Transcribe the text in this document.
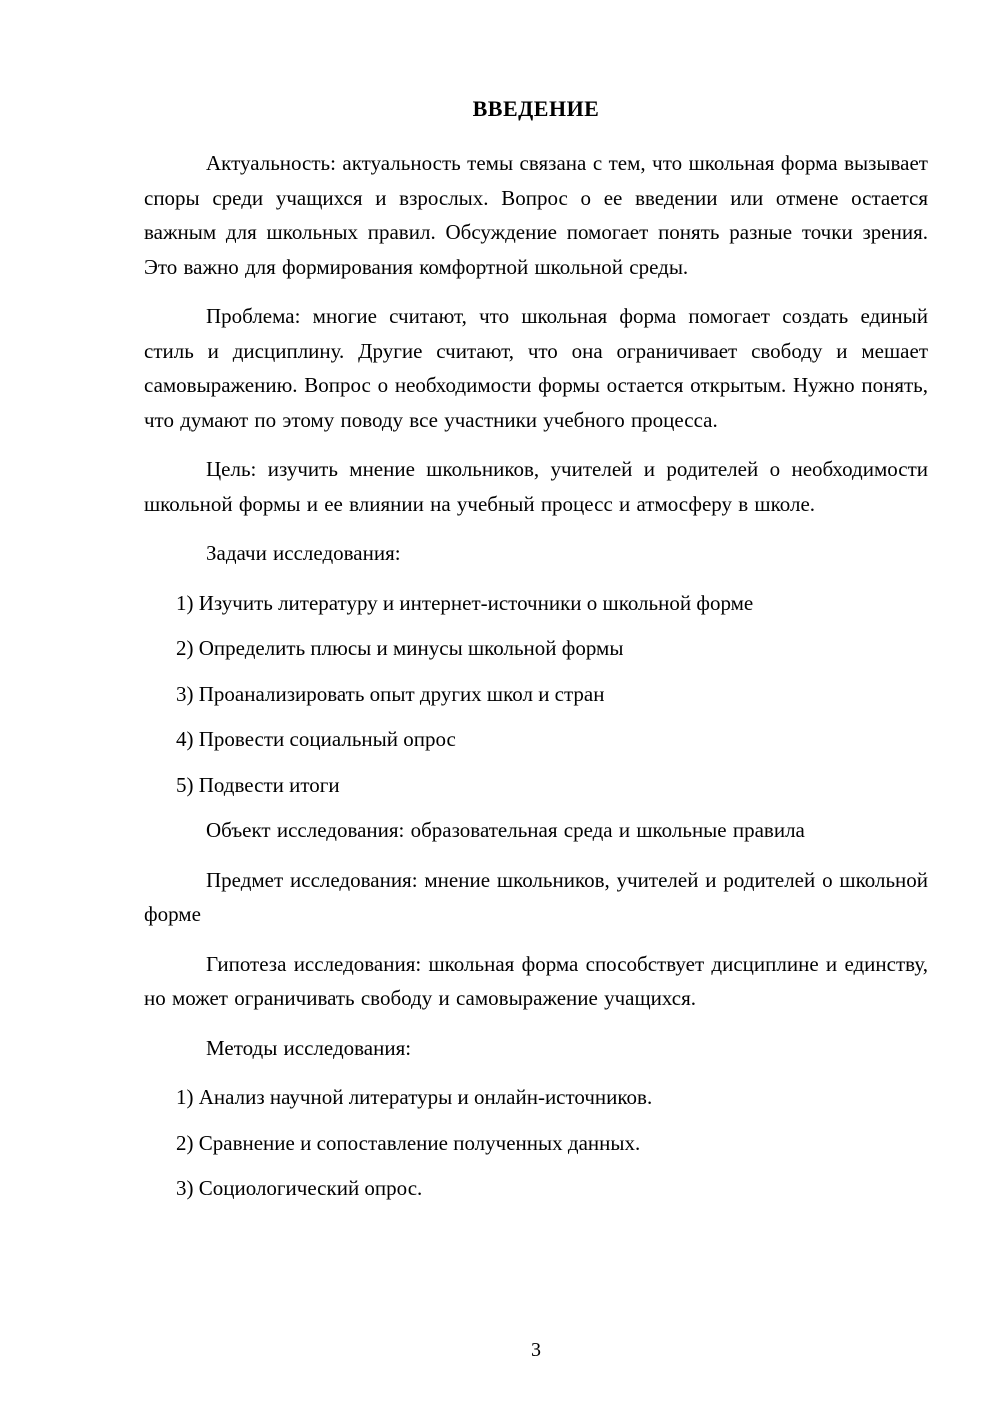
ВВЕДЕНИЕ

Актуальность: актуальность темы связана с тем, что школьная форма вызывает споры среди учащихся и взрослых. Вопрос о ее введении или отмене остается важным для школьных правил. Обсуждение помогает понять разные точки зрения. Это важно для формирования комфортной школьной среды.

Проблема: многие считают, что школьная форма помогает создать единый стиль и дисциплину. Другие считают, что она ограничивает свободу и мешает самовыражению. Вопрос о необходимости формы остается открытым. Нужно понять, что думают по этому поводу все участники учебного процесса.

Цель: изучить мнение школьников, учителей и родителей о необходимости школьной формы и ее влиянии на учебный процесс и атмосферу в школе.

Задачи исследования:

1) Изучить литературу и интернет-источники о школьной форме

2) Определить плюсы и минусы школьной формы

3) Проанализировать опыт других школ и стран

4) Провести социальный опрос

5) Подвести итоги

Объект исследования: образовательная среда и школьные правила

Предмет исследования: мнение школьников, учителей и родителей о школьной форме

Гипотеза исследования: школьная форма способствует дисциплине и единству, но может ограничивать свободу и самовыражение учащихся.

Методы исследования:

1) Анализ научной литературы и онлайн-источников.

2) Сравнение и сопоставление полученных данных.

3) Социологический опрос.

3
